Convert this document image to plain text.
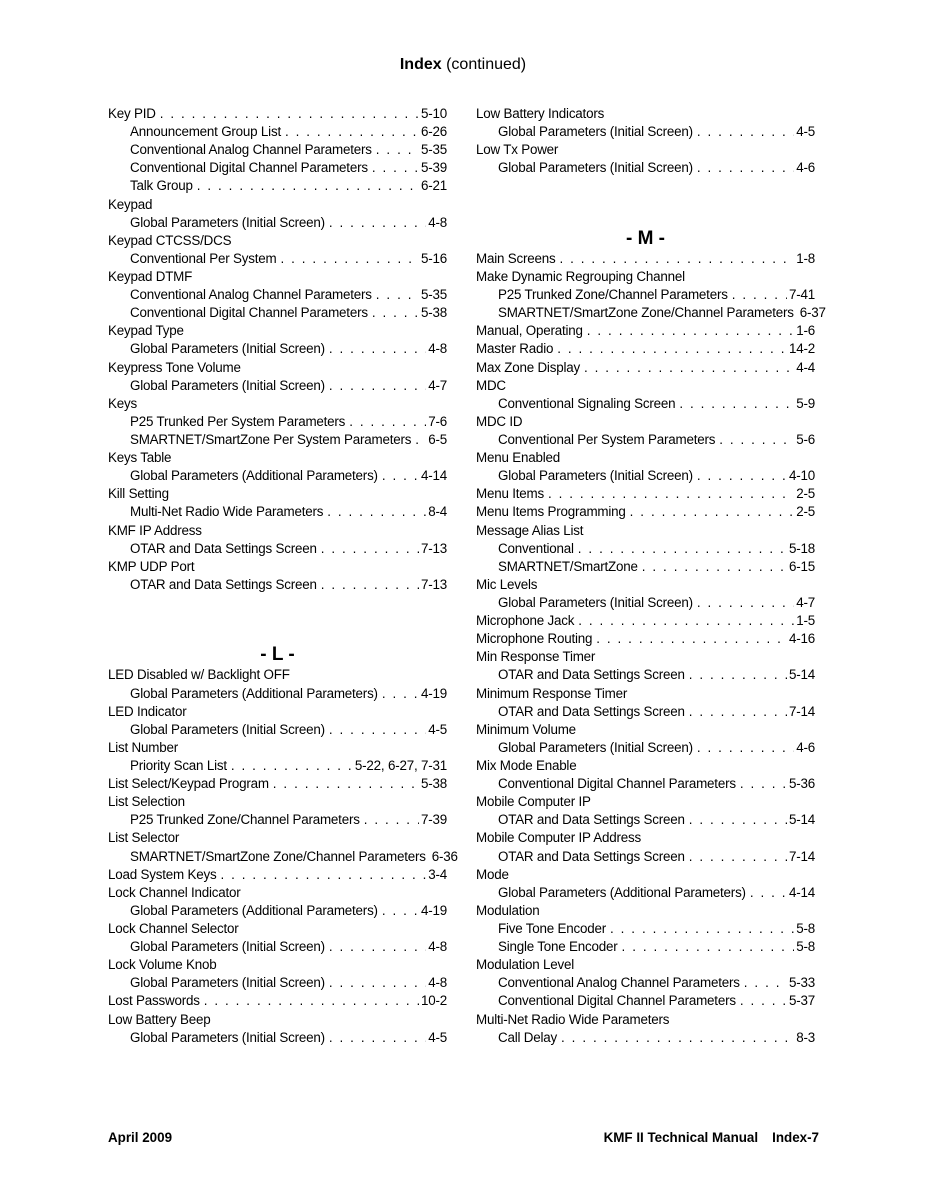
Index (continued)
Key PID . . .	5-10
Announcement Group List . . .	6-26
Conventional Analog Channel Parameters . . .	5-35
Conventional Digital Channel Parameters . . .	5-39
Talk Group . . .	6-21
Keypad
Global Parameters (Initial Screen) . . .	4-8
Keypad CTCSS/DCS
Conventional Per System . . .	5-16
Keypad DTMF
Conventional Analog Channel Parameters . . .	5-35
Conventional Digital Channel Parameters . . .	5-38
Keypad Type
Global Parameters (Initial Screen) . . .	4-8
Keypress Tone Volume
Global Parameters (Initial Screen) . . .	4-7
Keys
P25 Trunked Per System Parameters . . .	7-6
SMARTNET/SmartZone Per System Parameters . . . 6-5
Keys Table
Global Parameters (Additional Parameters) . . .	4-14
Kill Setting
Multi-Net Radio Wide Parameters . . .	8-4
KMF IP Address
OTAR and Data Settings Screen . . .	7-13
KMP UDP Port
OTAR and Data Settings Screen . . .	7-13
- L -
LED Disabled w/ Backlight OFF
Global Parameters (Additional Parameters) . . .	4-19
LED Indicator
Global Parameters (Initial Screen) . . .	4-5
List Number
Priority Scan List . . .	5-22, 6-27, 7-31
List Select/Keypad Program . . .	5-38
List Selection
P25 Trunked Zone/Channel Parameters . . .	7-39
List Selector
SMARTNET/SmartZone Zone/Channel Parameters 6-36
Load System Keys . . .	3-4
Lock Channel Indicator
Global Parameters (Additional Parameters) . . .	4-19
Lock Channel Selector
Global Parameters (Initial Screen) . . .	4-8
Lock Volume Knob
Global Parameters (Initial Screen) . . .	4-8
Lost Passwords . . .	10-2
Low Battery Beep
Global Parameters (Initial Screen) . . .	4-5
Low Battery Indicators
Global Parameters (Initial Screen) . . .	4-5
Low Tx Power
Global Parameters (Initial Screen) . . .	4-6
- M -
Main Screens . . .	1-8
Make Dynamic Regrouping Channel
P25 Trunked Zone/Channel Parameters . . .	7-41
SMARTNET/SmartZone Zone/Channel Parameters 6-37
Manual, Operating . . .	1-6
Master Radio . . .	14-2
Max Zone Display . . .	4-4
MDC
Conventional Signaling Screen . . .	5-9
MDC ID
Conventional Per System Parameters . . .	5-6
Menu Enabled
Global Parameters (Initial Screen) . . .	4-10
Menu Items . . .	2-5
Menu Items Programming . . .	2-5
Message Alias List
Conventional . . .	5-18
SMARTNET/SmartZone . . .	6-15
Mic Levels
Global Parameters (Initial Screen) . . .	4-7
Microphone Jack . . .	1-5
Microphone Routing . . .	4-16
Min Response Timer
OTAR and Data Settings Screen . . .	5-14
Minimum Response Timer
OTAR and Data Settings Screen . . .	7-14
Minimum Volume
Global Parameters (Initial Screen) . . .	4-6
Mix Mode Enable
Conventional Digital Channel Parameters . . .	5-36
Mobile Computer IP
OTAR and Data Settings Screen . . .	5-14
Mobile Computer IP Address
OTAR and Data Settings Screen . . .	7-14
Mode
Global Parameters (Additional Parameters) . . .	4-14
Modulation
Five Tone Encoder . . .	5-8
Single Tone Encoder . . .	5-8
Modulation Level
Conventional Analog Channel Parameters . . .	5-33
Conventional Digital Channel Parameters . . .	5-37
Multi-Net Radio Wide Parameters
Call Delay . . .	8-3
April 2009	KMF II Technical Manual Index-7
